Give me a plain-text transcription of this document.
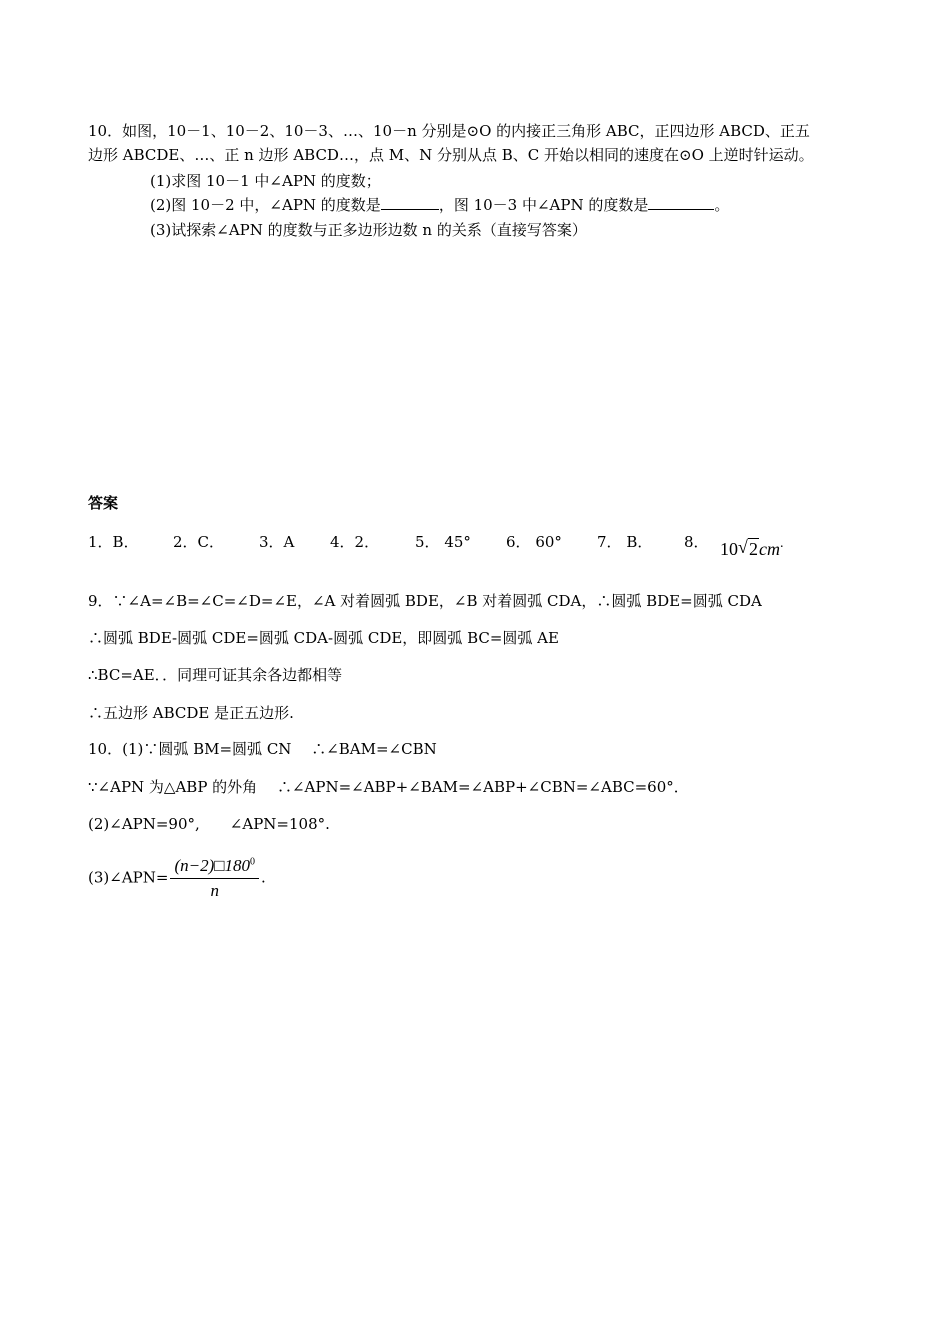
10．如图，10－1、10－2、10－3、…、10－n 分别是⊙O 的内接正三角形 ABC，正四边形 ABCD、正五
边形 ABCDE、…、正 n 边形 ABCD…，点 M、N 分别从点 B、C 开始以相同的速度在⊙O 上逆时针运动。
(1)求图 10－1 中∠APN 的度数；
(2)图 10－2 中，∠APN 的度数是	，图 10－3 中∠APN 的度数是	。
(3)试探索∠APN 的度数与正多边形边数 n 的关系（直接写答案）
答案
1．B．	2．C．	3．A	4．2．	5． 45°	6． 60°	7． B．	8． 10√ 2cm.
9．∵∠A=∠B=∠C=∠D=∠E，∠A 对着圆弧 BDE，∠B 对着圆弧 CDA，∴圆弧 BDE=圆弧 CDA
∴圆弧 BDE-圆弧 CDE=圆弧 CDA-圆弧 CDE，即圆弧 BC=圆弧 AE
∴BC=AE．．同理可证其余各边都相等
∴五边形 ABCDE 是正五边形.
10．(1)∵圆弧 BM=圆弧 CN　 ∴∠BAM=∠CBN
∵∠APN 为△ABP 的外角　 ∴∠APN=∠ABP+∠BAM=∠ABP+∠CBN=∠ABC=60°．
(2)∠APN=90°,　　∠APN=108°.
(3)∠APN= $\frac{(n-2)□180^0}{n}$ .
